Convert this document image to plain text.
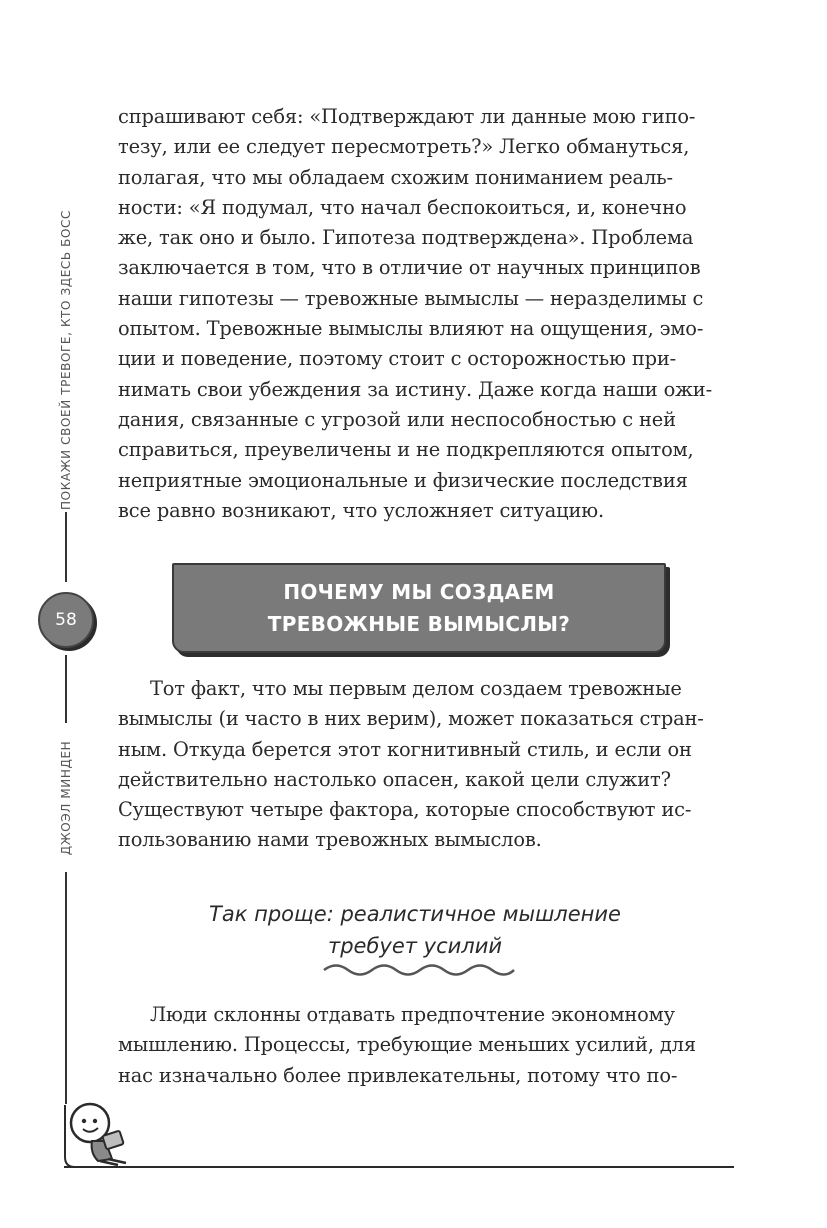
ПОКАЖИ СВОЕЙ ТРЕВОГЕ, КТО ЗДЕСЬ БОСС
58
ДЖОЭЛ МИНДЕН
спрашивают себя: «Подтверждают ли данные мою гипо-
тезу, или ее следует пересмотреть?» Легко обмануться,
полагая, что мы обладаем схожим пониманием реаль-
ности: «Я подумал, что начал беспокоиться, и, конечно
же, так оно и было. Гипотеза подтверждена». Проблема
заключается в том, что в отличие от научных принципов
наши гипотезы — тревожные вымыслы — неразделимы с
опытом. Тревожные вымыслы влияют на ощущения, эмо-
ции и поведение, поэтому стоит с осторожностью при-
нимать свои убеждения за истину. Даже когда наши ожи-
дания, связанные с угрозой или неспособностью с ней
справиться, преувеличены и не подкрепляются опытом,
неприятные эмоциональные и физические последствия
все равно возникают, что усложняет ситуацию.
ПОЧЕМУ МЫ СОЗДАЕМ
ТРЕВОЖНЫЕ ВЫМЫСЛЫ?
Тот факт, что мы первым делом создаем тревожные
вымыслы (и часто в них верим), может показаться стран-
ным. Откуда берется этот когнитивный стиль, и если он
действительно настолько опасен, какой цели служит?
Существуют четыре фактора, которые способствуют ис-
пользованию нами тревожных вымыслов.
Так проще: реалистичное мышление
требует усилий
Люди склонны отдавать предпочтение экономному
мышлению. Процессы, требующие меньших усилий, для
нас изначально более привлекательны, потому что по-
